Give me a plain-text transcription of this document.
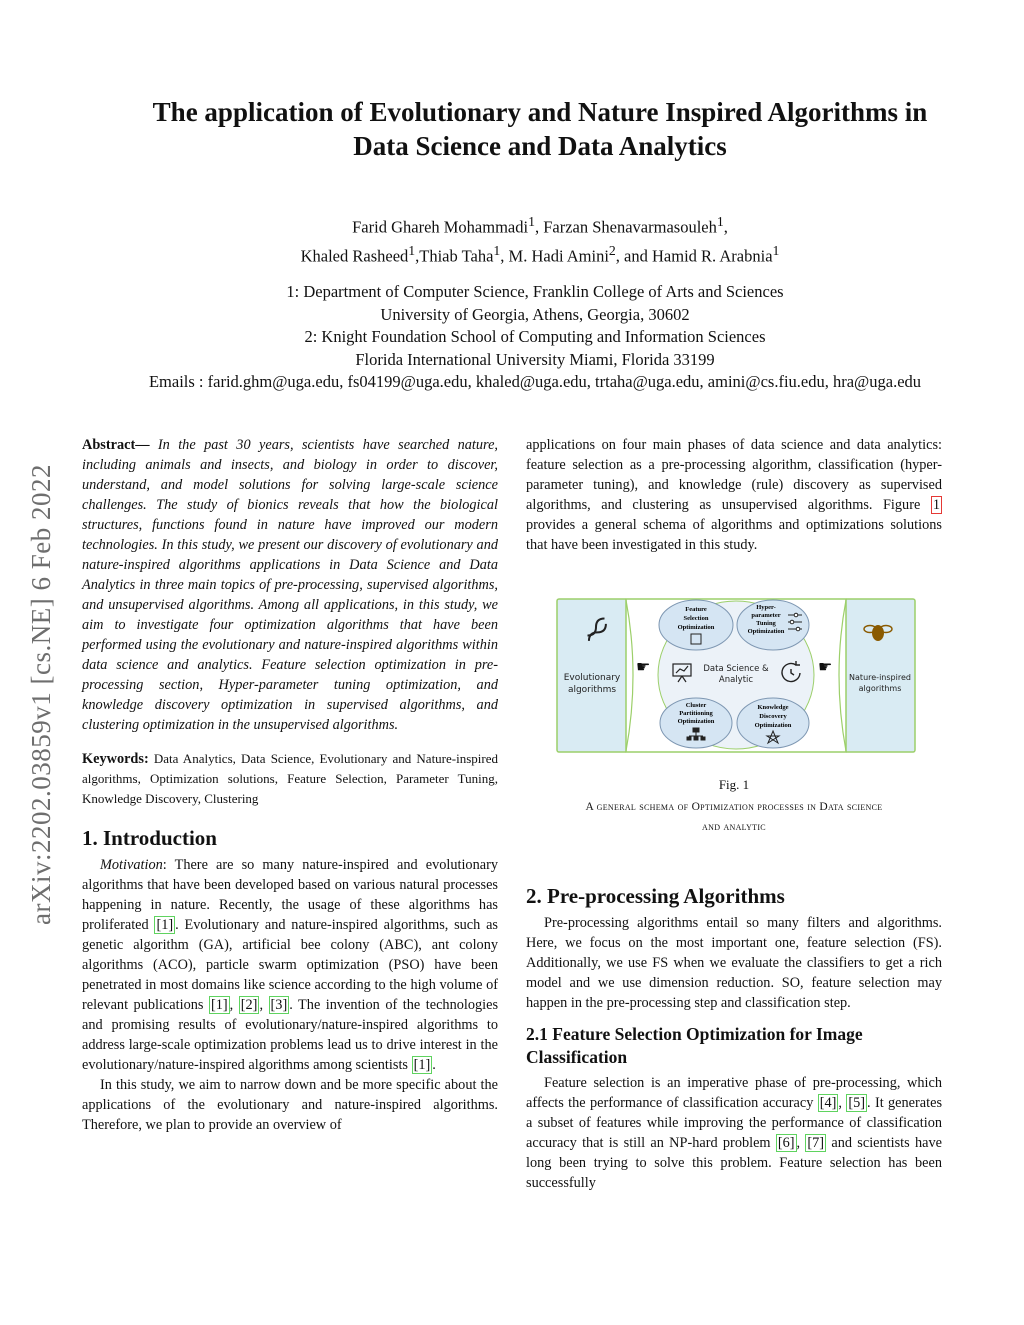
arXiv:2202.03859v1 [cs.NE] 6 Feb 2022
The application of Evolutionary and Nature Inspired Algorithms in
Data Science and Data Analytics
Farid Ghareh Mohammadi$^1$, Farzan Shenavarmasouleh$^1$,
Khaled Rasheed$^1$,Thiab Taha$^1$, M. Hadi Amini$^2$, and Hamid R. Arabnia$^1$
1: Department of Computer Science, Franklin College of Arts and Sciences
University of Georgia, Athens, Georgia, 30602
2: Knight Foundation School of Computing and Information Sciences
Florida International University Miami, Florida 33199
Emails : farid.ghm@uga.edu, fs04199@uga.edu, khaled@uga.edu, trtaha@uga.edu, amini@cs.fiu.edu, hra@uga.edu

Abstract— In the past 30 years, scientists have searched nature, including animals and insects, and biology in order to discover, understand, and model solutions for solving large-scale science challenges. The study of bionics reveals that how the biological structures, functions found in nature have improved our modern technologies. In this study, we present our discovery of evolutionary and nature-inspired algorithms applications in Data Science and Data Analytics in three main topics of pre-processing, supervised algorithms, and unsupervised algorithms. Among all applications, in this study, we aim to investigate four optimization algorithms that have been performed using the evolutionary and nature-inspired algorithms within data science and analytics. Feature selection optimization in pre-processing section, Hyper-parameter tuning optimization, and knowledge discovery optimization in supervised algorithms, and clustering optimization in the unsupervised algorithms.

Keywords: Data Analytics, Data Science, Evolutionary and Nature-inspired algorithms, Optimization solutions, Feature Selection, Parameter Tuning, Knowledge Discovery, Clustering

1. Introduction

Motivation: There are so many nature-inspired and evolutionary algorithms that have been developed based on various natural processes happening in nature. Recently, the usage of these algorithms has proliferated [1] . Evolutionary and nature-inspired algorithms, such as genetic algorithm (GA), artificial bee colony (ABC), ant colony algorithms (ACO), particle swarm optimization (PSO) have been penetrated in most domains like science according to the high volume of relevant publications [1] , [2] , [3] . The invention of the technologies and promising results of evolutionary/nature-inspired algorithms to address large-scale optimization problems lead us to drive interest in the evolutionary/nature-inspired algorithms among scientists [1] .

In this study, we aim to narrow down and be more specific about the applications of the evolutionary and nature-inspired algorithms. Therefore, we plan to provide an overview of

applications on four main phases of data science and data analytics: feature selection as a pre-processing algorithm, classification (hyper-parameter tuning), and knowledge (rule) discovery as supervised algorithms, and clustering as unsupervised algorithms. Figure 1 provides a general schema of algorithms and optimizations solutions that have been investigated in this study.

Evolutionary
algorithms
Nature-inspired
algorithms
☛	☛
Feature
Selection
Optimization
Hyper-
parameter
Tuning
Optimization
Cluster
Partitioning
Optimization
Knowledge
Discovery
Optimization
Data Science &
Analytic
Fig. 1
A general schema of Optimization processes in Data science
and analytic
2. Pre-processing Algorithms

Pre-processing algorithms entail so many filters and algorithms. Here, we focus on the most important one, feature selection (FS). Additionally, we use FS when we evaluate the classifiers to get a rich model and we use dimension reduction. SO, feature selection may happen in the pre-processing step and classification step.

2.1 Feature Selection Optimization for Image Classification

Feature selection is an imperative phase of pre-processing, which affects the performance of classification accuracy [4] , [5] . It generates a subset of features while improving the performance of classification accuracy that is still an NP-hard problem [6] , [7] and scientists have long been trying to solve this problem. Feature selection has been successfully
